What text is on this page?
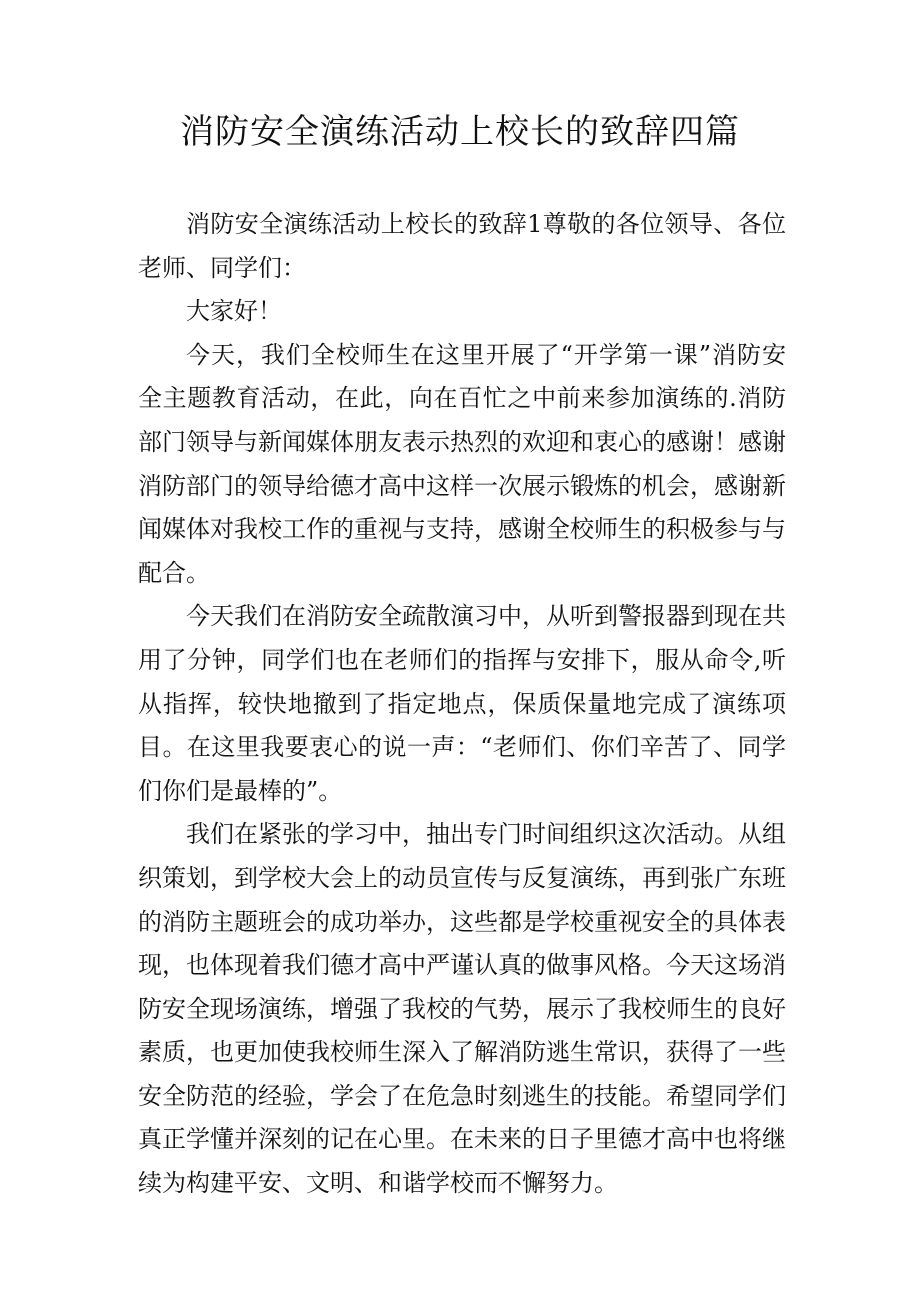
消防安全演练活动上校长的致辞四篇

消防安全演练活动上校长的致辞1尊敬的各位领导、各位老师、同学们：

大家好！

今天，我们全校师生在这里开展了“开学第一课”消防安全主题教育活动，在此，向在百忙之中前来参加演练的.消防部门领导与新闻媒体朋友表示热烈的欢迎和衷心的感谢！感谢消防部门的领导给德才高中这样一次展示锻炼的机会，感谢新闻媒体对我校工作的重视与支持，感谢全校师生的积极参与与配合。

今天我们在消防安全疏散演习中，从听到警报器到现在共用了分钟，同学们也在老师们的指挥与安排下，服从命令,听从指挥，较快地撤到了指定地点，保质保量地完成了演练项目。在这里我要衷心的说一声：“老师们、你们辛苦了、同学们你们是最棒的”。

我们在紧张的学习中，抽出专门时间组织这次活动。从组织策划，到学校大会上的动员宣传与反复演练，再到张广东班的消防主题班会的成功举办，这些都是学校重视安全的具体表现，也体现着我们德才高中严谨认真的做事风格。今天这场消防安全现场演练，增强了我校的气势，展示了我校师生的良好素质，也更加使我校师生深入了解消防逃生常识，获得了一些安全防范的经验，学会了在危急时刻逃生的技能。希望同学们真正学懂并深刻的记在心里。在未来的日子里德才高中也将继续为构建平安、文明、和谐学校而不懈努力。
